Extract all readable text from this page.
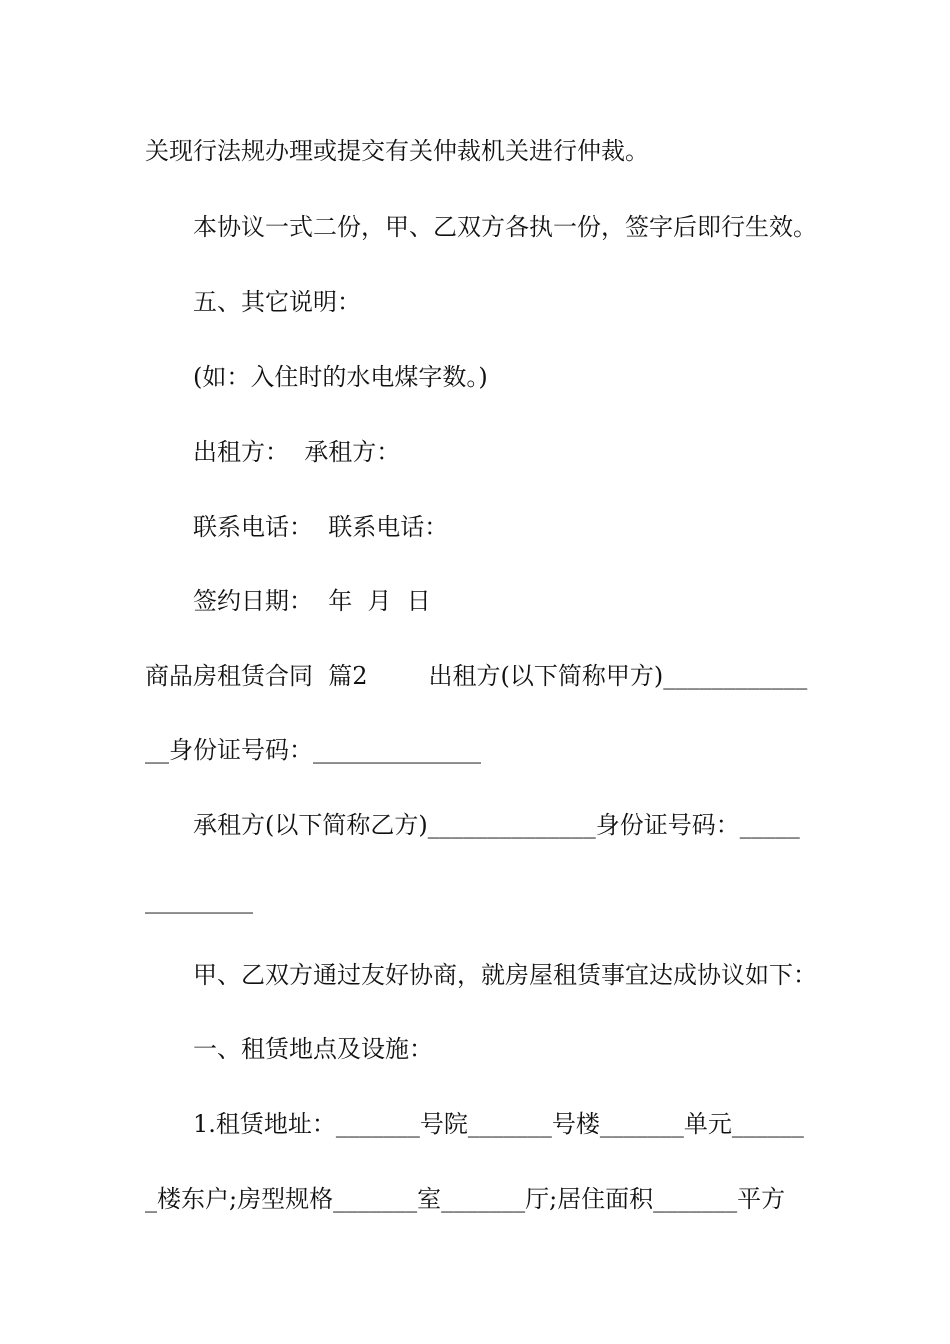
关现行法规办理或提交有关仲裁机关进行仲裁。
本协议一式二份，甲、乙双方各执一份，签字后即行生效。
五、其它说明：
(如：入住时的水电煤字数。)
出租方：  承租方：
联系电话：  联系电话：
签约日期：  年  月  日
商品房租赁合同  篇2        出租方(以下简称甲方)____________
__身份证号码：______________
承租方(以下简称乙方)______________身份证号码：_____
_________
甲、乙双方通过友好协商，就房屋租赁事宜达成协议如下：
一、租赁地点及设施：
1.租赁地址：_______号院_______号楼_______单元______
_楼东户;房型规格_______室_______厅;居住面积_______平方
